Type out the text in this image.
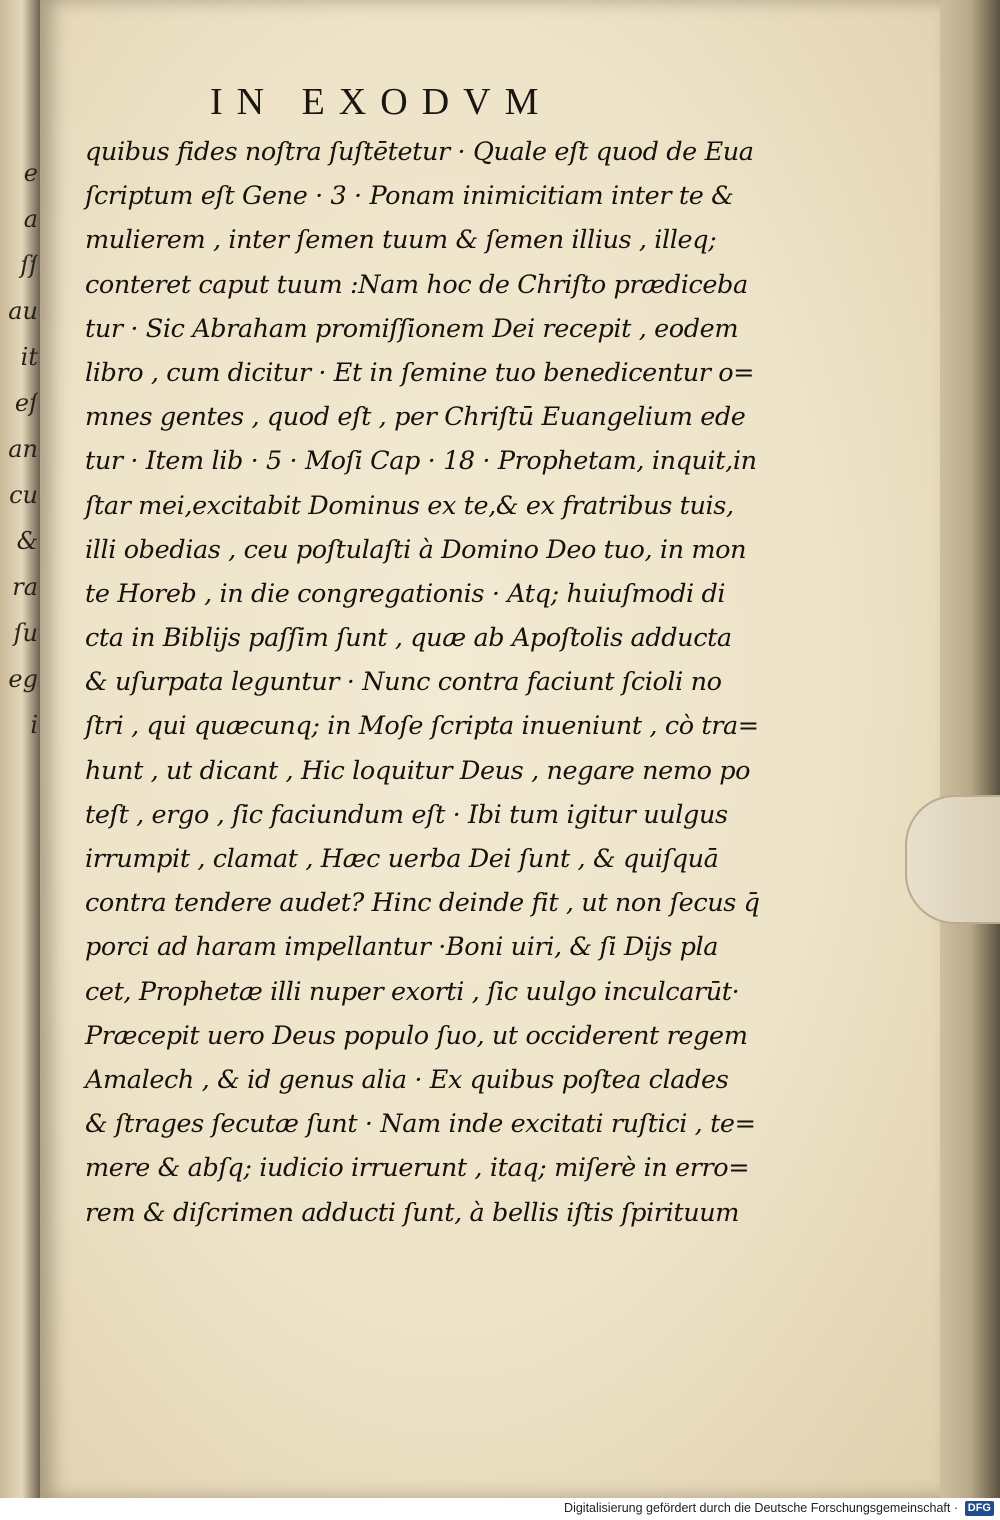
e
a
ſſ
au
it
eſ
an
cu
&
ra
ſu
eg
i
IN EXODVM
quibus fides noſtra ſuſtētetur · Quale eſt quod de Eua
ſcriptum eſt Gene · 3 · Ponam inimicitiam inter te &
mulierem , inter ſemen tuum & ſemen illius , illeq;
conteret caput tuum :Nam hoc de Chriſto prædiceba
tur · Sic Abraham promiſſionem Dei recepit , eodem
libro , cum dicitur · Et in ſemine tuo benedicentur o=
mnes gentes , quod eſt , per Chriſtū Euangelium ede
tur · Item lib · 5 · Moſi Cap · 18 · Prophetam, inquit,in
ſtar mei,excitabit Dominus ex te,& ex fratribus tuis,
illi obedias , ceu poſtulaſti à Domino Deo tuo, in mon
te Horeb , in die congregationis · Atq; huiuſmodi di
cta in Biblijs paſſim ſunt , quæ ab Apoſtolis adducta
& uſurpata leguntur · Nunc contra faciunt ſcioli no
ſtri , qui quæcunq; in Moſe ſcripta inueniunt , cò tra=
hunt , ut dicant , Hic loquitur Deus , negare nemo po
teſt , ergo , ſic faciundum eſt · Ibi tum igitur uulgus
irrumpit , clamat , Hæc uerba Dei ſunt , & quiſquā
contra tendere audet? Hinc deinde fit , ut non ſecus q̄
porci ad haram impellantur ·Boni uiri, & ſi Dijs pla
cet, Prophetæ illi nuper exorti , ſic uulgo inculcarūt·
Præcepit uero Deus populo ſuo, ut occiderent regem
Amalech , & id genus alia · Ex quibus poſtea clades
& ſtrages ſecutæ ſunt · Nam inde excitati ruſtici , te=
mere & abſq; iudicio irruerunt , itaq; miſerè in erro=
rem & diſcrimen adducti ſunt, à bellis iſtis ſpirituum
Digitalisierung gefördert durch die Deutsche Forschungsgemeinschaft · DFG
